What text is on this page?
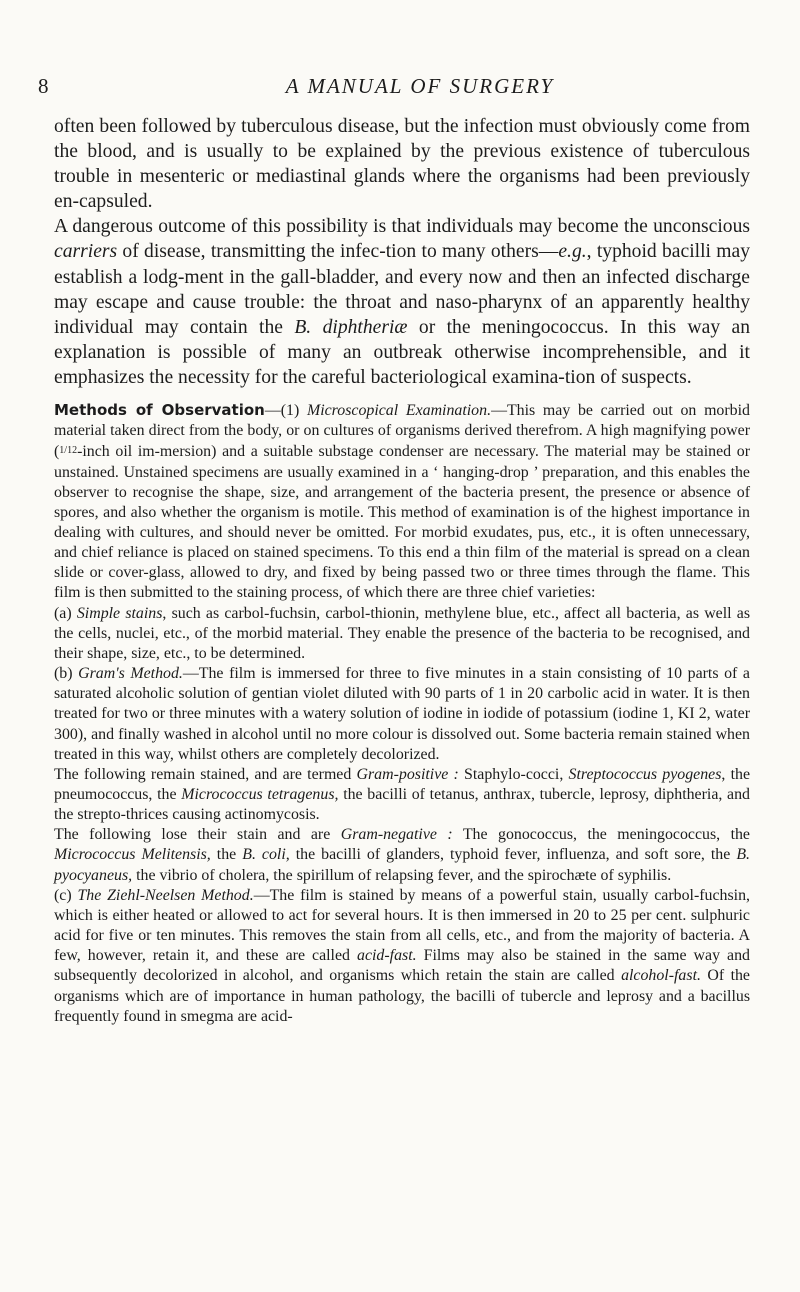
8	A MANUAL OF SURGERY

often been followed by tuberculous disease, but the infection must obviously come from the blood, and is usually to be explained by the previous existence of tuberculous trouble in mesenteric or mediastinal glands where the organisms had been previously en-capsuled.

A dangerous outcome of this possibility is that individuals may become the unconscious carriers of disease, transmitting the infec-tion to many others—e.g., typhoid bacilli may establish a lodg-ment in the gall-bladder, and every now and then an infected discharge may escape and cause trouble: the throat and naso-pharynx of an apparently healthy individual may contain the B. diphtheriæ or the meningococcus. In this way an explanation is possible of many an outbreak otherwise incomprehensible, and it emphasizes the necessity for the careful bacteriological examina-tion of suspects.

Methods of Observation—(1) Microscopical Examination.—This may be carried out on morbid material taken direct from the body, or on cultures of organisms derived therefrom. A high magnifying power (1/12-inch oil im-mersion) and a suitable substage condenser are necessary. The material may be stained or unstained. Unstained specimens are usually examined in a ‘ hanging-drop ’ preparation, and this enables the observer to recognise the shape, size, and arrangement of the bacteria present, the presence or absence of spores, and also whether the organism is motile. This method of examination is of the highest importance in dealing with cultures, and should never be omitted. For morbid exudates, pus, etc., it is often unnecessary, and chief reliance is placed on stained specimens. To this end a thin film of the material is spread on a clean slide or cover-glass, allowed to dry, and fixed by being passed two or three times through the flame. This film is then submitted to the staining process, of which there are three chief varieties:

(a) Simple stains, such as carbol-fuchsin, carbol-thionin, methylene blue, etc., affect all bacteria, as well as the cells, nuclei, etc., of the morbid material. They enable the presence of the bacteria to be recognised, and their shape, size, etc., to be determined.

(b) Gram's Method.—The film is immersed for three to five minutes in a stain consisting of 10 parts of a saturated alcoholic solution of gentian violet diluted with 90 parts of 1 in 20 carbolic acid in water. It is then treated for two or three minutes with a watery solution of iodine in iodide of potassium (iodine 1, KI 2, water 300), and finally washed in alcohol until no more colour is dissolved out. Some bacteria remain stained when treated in this way, whilst others are completely decolorized.

The following remain stained, and are termed Gram-positive : Staphylo-cocci, Streptococcus pyogenes, the pneumococcus, the Micrococcus tetragenus, the bacilli of tetanus, anthrax, tubercle, leprosy, diphtheria, and the strepto-thrices causing actinomycosis.

The following lose their stain and are Gram-negative : The gonococcus, the meningococcus, the Micrococcus Melitensis, the B. coli, the bacilli of glanders, typhoid fever, influenza, and soft sore, the B. pyocyaneus, the vibrio of cholera, the spirillum of relapsing fever, and the spirochæte of syphilis.

(c) The Ziehl-Neelsen Method.—The film is stained by means of a powerful stain, usually carbol-fuchsin, which is either heated or allowed to act for several hours. It is then immersed in 20 to 25 per cent. sulphuric acid for five or ten minutes. This removes the stain from all cells, etc., and from the majority of bacteria. A few, however, retain it, and these are called acid-fast. Films may also be stained in the same way and subsequently decolorized in alcohol, and organisms which retain the stain are called alcohol-fast. Of the organisms which are of importance in human pathology, the bacilli of tubercle and leprosy and a bacillus frequently found in smegma are acid-
